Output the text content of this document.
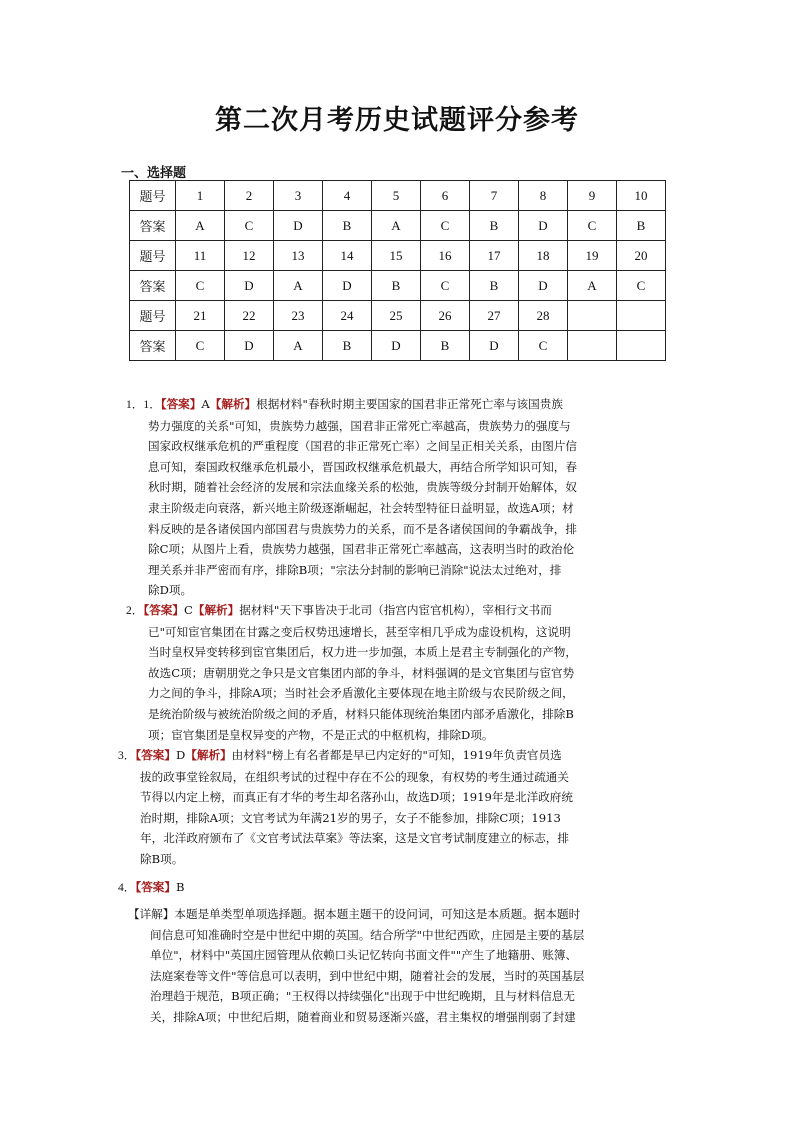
第二次月考历史试题评分参考
一、选择题
题号	1	2	3	4	5	6	7	8	9	10
答案	A	C	D	B	A	C	B	D	C	B
题号	11	12	13	14	15	16	17	18	19	20
答案	C	D	A	D	B	C	B	D	A	C
题号	21	22	23	24	25	26	27	28		
答案	C	D	A	B	D	B	D	C		
1．1．【答案】A【解析】根据材料"春秋时期主要国家的国君非正常死亡率与该国贵族
势力强度的关系"可知，贵族势力越强，国君非正常死亡率越高，贵族势力的强度与
国家政权继承危机的严重程度（国君的非正常死亡率）之间呈正相关关系，由图片信
息可知，秦国政权继承危机最小，晋国政权继承危机最大，再结合所学知识可知，春
秋时期，随着社会经济的发展和宗法血缘关系的松弛，贵族等级分封制开始解体，奴
隶主阶级走向衰落，新兴地主阶级逐渐崛起，社会转型特征日益明显，故选A项；材
料反映的是各诸侯国内部国君与贵族势力的关系，而不是各诸侯国间的争霸战争，排
除C项；从图片上看，贵族势力越强，国君非正常死亡率越高，这表明当时的政治伦
理关系并非严密而有序，排除B项；"宗法分封制的影响已消除"说法太过绝对，排
除D项。
2．【答案】C【解析】据材料"天下事皆决于北司（指宫内宦官机构），宰相行文书而
已"可知宦官集团在甘露之变后权势迅速增长，甚至宰相几乎成为虚设机构，这说明
当时皇权异变转移到宦官集团后，权力进一步加强，本质上是君主专制强化的产物，
故选C项；唐朝朋党之争只是文官集团内部的争斗，材料强调的是文官集团与宦官势
力之间的争斗，排除A项；当时社会矛盾激化主要体现在地主阶级与农民阶级之间，
是统治阶级与被统治阶级之间的矛盾，材料只能体现统治集团内部矛盾激化，排除B
项；宦官集团是皇权异变的产物，不是正式的中枢机构，排除D项。
3．【答案】D【解析】由材料"榜上有名者都是早已内定好的"可知，1919年负责官员选
拔的政事堂铨叙局，在组织考试的过程中存在不公的现象，有权势的考生通过疏通关
节得以内定上榜，而真正有才华的考生却名落孙山，故选D项；1919年是北洋政府统
治时期，排除A项；文官考试为年满21岁的男子，女子不能参加，排除C项；1913
年，北洋政府颁布了《文官考试法草案》等法案，这是文官考试制度建立的标志，排
除B项。
4．【答案】B
【详解】本题是单类型单项选择题。据本题主题干的设问词，可知这是本质题。据本题时
间信息可知准确时空是中世纪中期的英国。结合所学"中世纪西欧，庄园是主要的基层
单位"，材料中"英国庄园管理从依赖口头记忆转向书面文件""产生了地籍册、账簿、
法庭案卷等文件"等信息可以表明，到中世纪中期，随着社会的发展，当时的英国基层
治理趋于规范，B项正确；"王权得以持续强化"出现于中世纪晚期，且与材料信息无
关，排除A项；中世纪后期，随着商业和贸易逐渐兴盛，君主集权的增强削弱了封建
